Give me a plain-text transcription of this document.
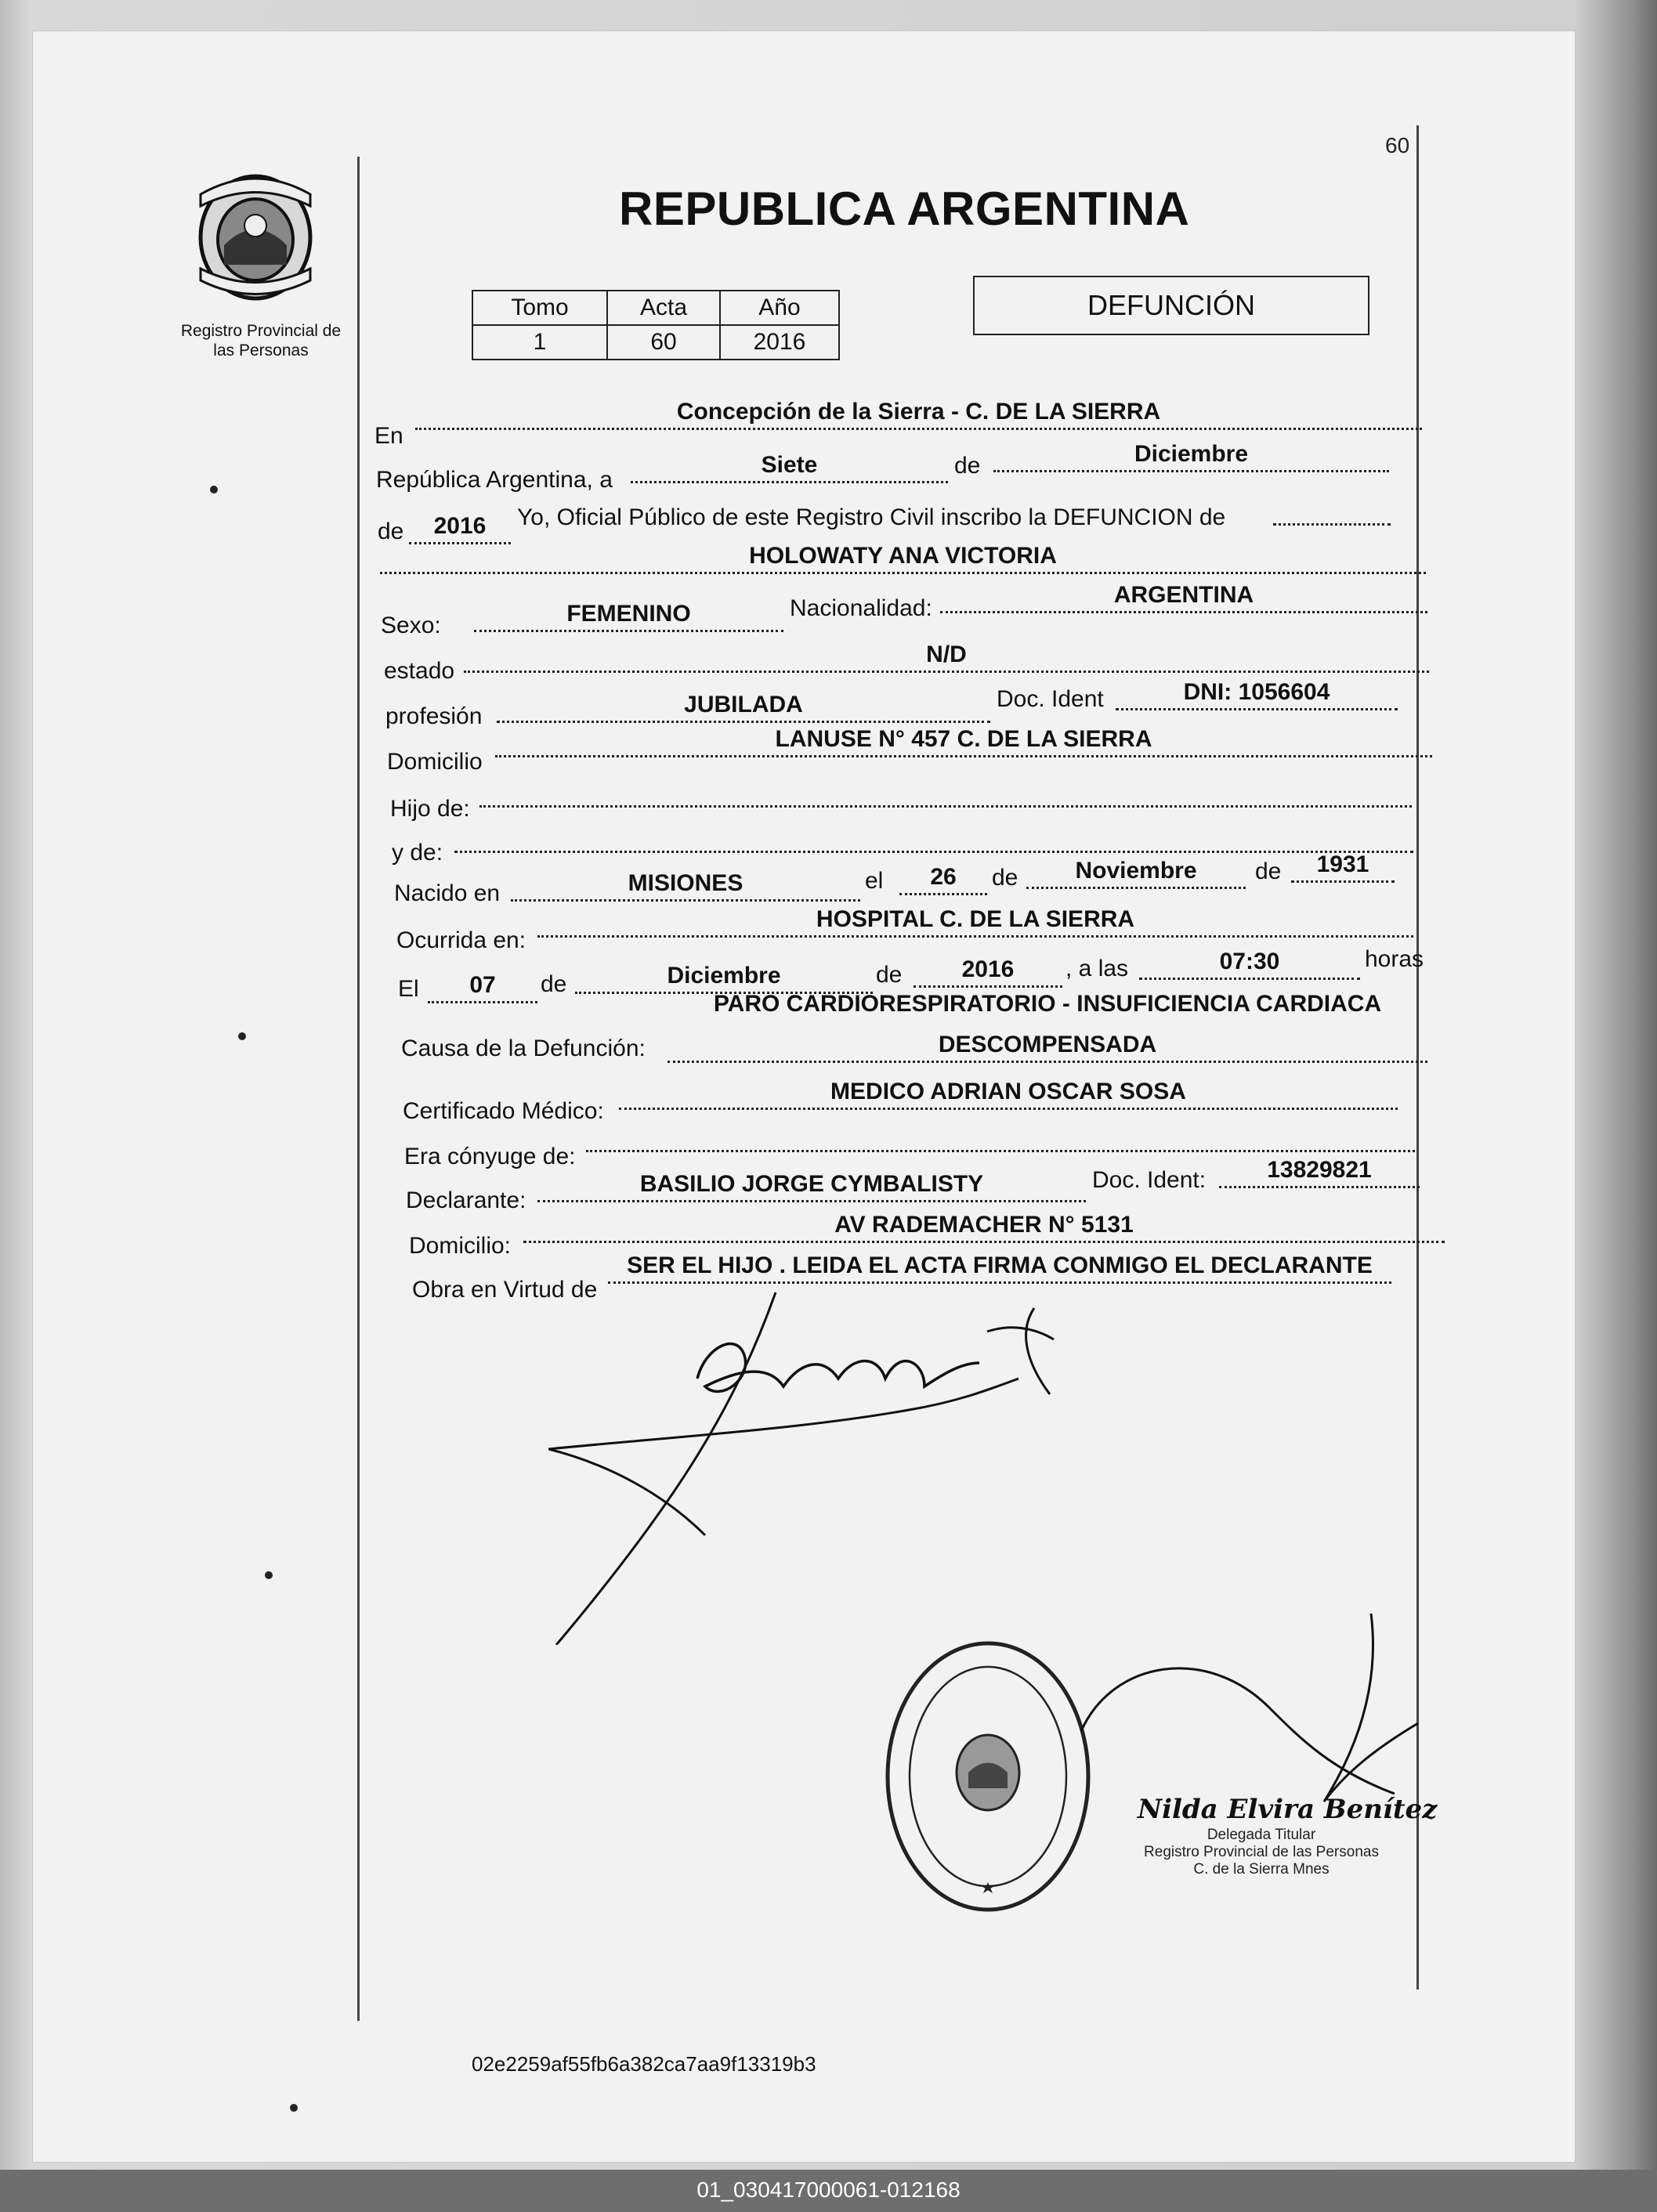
60
Registro Provincial de
las Personas
REPUBLICA ARGENTINA
Tomo	Acta	Año
1	60	2016
DEFUNCIÓN
En
Concepción de la Sierra - C. DE LA SIERRA
República Argentina, a
Siete	de	Diciembre
de	2016	Yo, Oficial Público de este Registro Civil inscribo la DEFUNCION de
HOLOWATY ANA VICTORIA
Sexo:	FEMENINO	Nacionalidad:
ARGENTINA
estado
N/D
profesión	JUBILADA	Doc. Ident	DNI: 1056604
Domicilio
LANUSE N° 457 C. DE LA SIERRA
Hijo de:
y de:
Nacido en	MISIONES	el	26	de	Noviembre	de	1931
Ocurrida en:
HOSPITAL C. DE LA SIERRA
El	07	de	Diciembre	de	2016	, a las	07:30	horas
Causa de la Defunción:
PARO CARDIORESPIRATORIO - INSUFICIENCIA CARDIACA
DESCOMPENSADA
Certificado Médico:
MEDICO ADRIAN OSCAR SOSA
Era cónyuge de:
Declarante:
BASILIO JORGE CYMBALISTY	Doc. Ident:	13829821
Domicilio:
AV RADEMACHER N° 5131
Obra en Virtud de
SER EL HIJO . LEIDA EL ACTA FIRMA CONMIGO EL DECLARANTE
Nilda Elvira Benítez
Delegada Titular
Registro Provincial de las Personas
C. de la Sierra Mnes
02e2259af55fb6a382ca7aa9f13319b3
01_030417000061-012168
